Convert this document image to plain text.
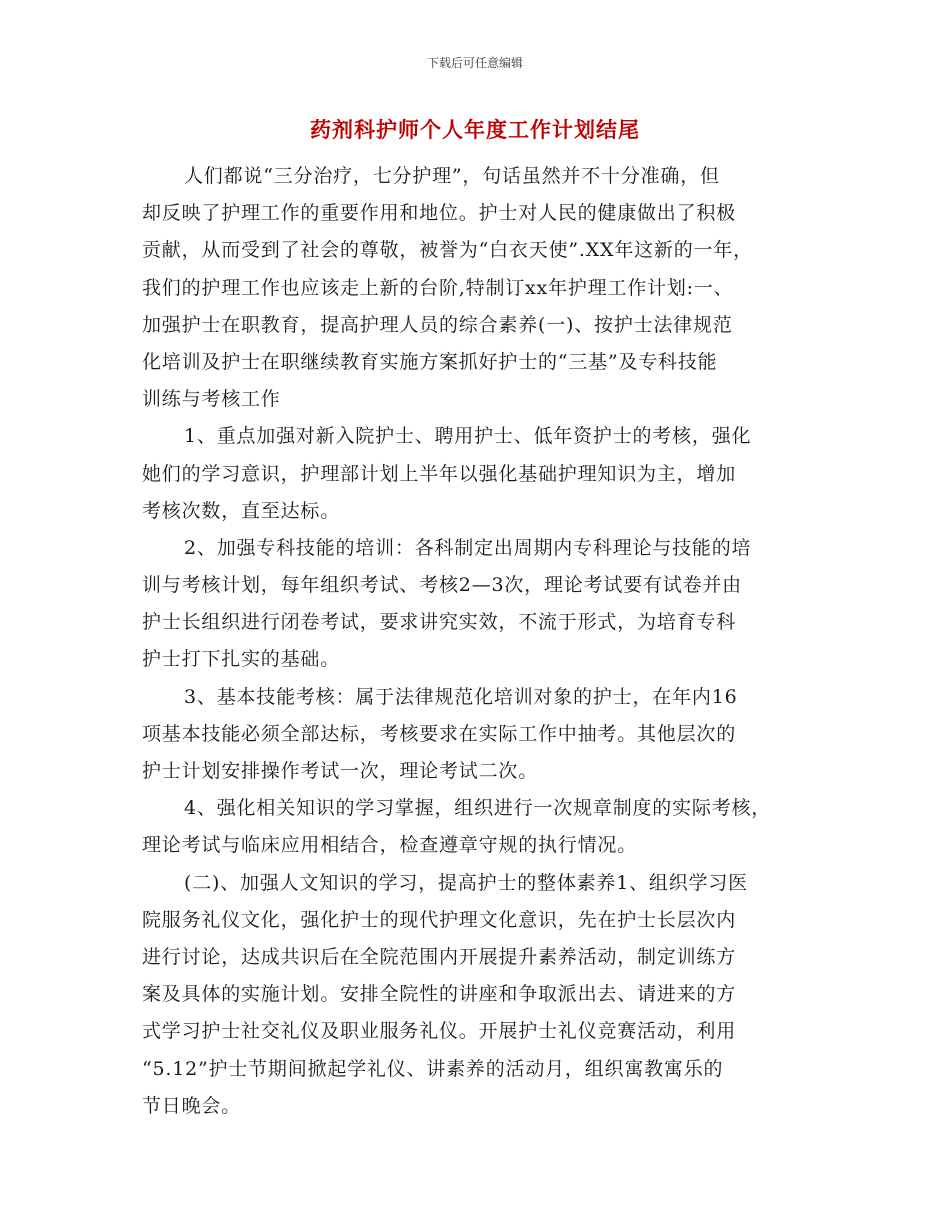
下载后可任意编辑
药剂科护师个人年度工作计划结尾
人们都说“三分治疗，七分护理”，句话虽然并不十分准确，但
却反映了护理工作的重要作用和地位。护士对人民的健康做出了积极
贡献，从而受到了社会的尊敬，被誉为“白衣天使”.XX年这新的一年，
我们的护理工作也应该走上新的台阶,特制订xx年护理工作计划:一、
加强护士在职教育，提高护理人员的综合素养(一)、按护士法律规范
化培训及护士在职继续教育实施方案抓好护士的“三基”及专科技能
训练与考核工作
1、重点加强对新入院护士、聘用护士、低年资护士的考核，强化
她们的学习意识，护理部计划上半年以强化基础护理知识为主，增加
考核次数，直至达标。
2、加强专科技能的培训：各科制定出周期内专科理论与技能的培
训与考核计划，每年组织考试、考核2—3次，理论考试要有试卷并由
护士长组织进行闭卷考试，要求讲究实效，不流于形式，为培育专科
护士打下扎实的基础。
3、基本技能考核：属于法律规范化培训对象的护士，在年内16
项基本技能必须全部达标，考核要求在实际工作中抽考。其他层次的
护士计划安排操作考试一次，理论考试二次。
4、强化相关知识的学习掌握，组织进行一次规章制度的实际考核，
理论考试与临床应用相结合，检查遵章守规的执行情况。
(二)、加强人文知识的学习，提高护士的整体素养1、组织学习医
院服务礼仪文化，强化护士的现代护理文化意识，先在护士长层次内
进行讨论，达成共识后在全院范围内开展提升素养活动，制定训练方
案及具体的实施计划。安排全院性的讲座和争取派出去、请进来的方
式学习护士社交礼仪及职业服务礼仪。开展护士礼仪竞赛活动，利用
“5.12”护士节期间掀起学礼仪、讲素养的活动月，组织寓教寓乐的
节日晚会。
